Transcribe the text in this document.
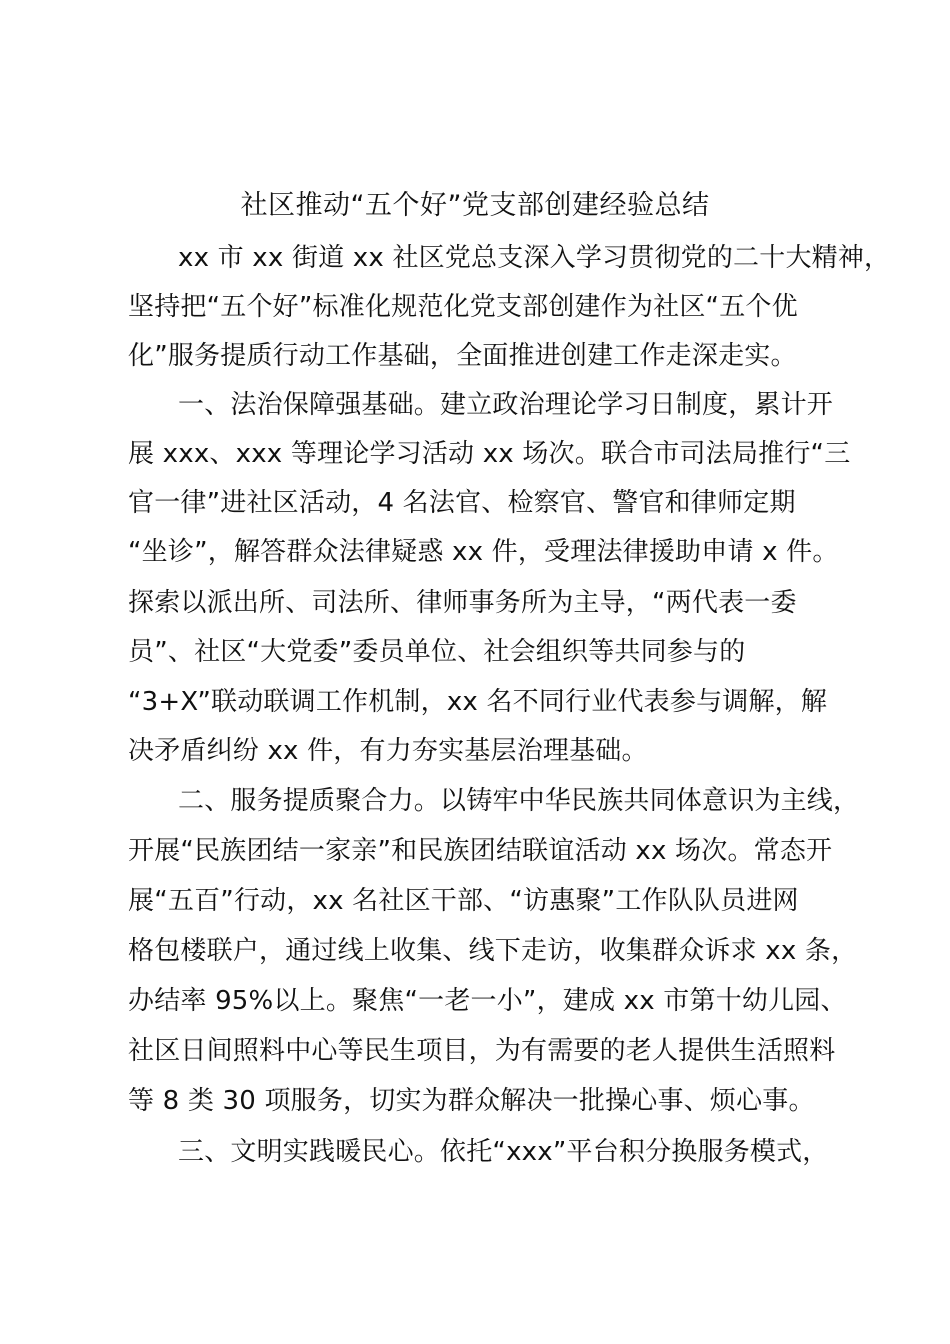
社区推动“五个好”党支部创建经验总结
xx 市 xx 街道 xx 社区党总支深入学习贯彻党的二十大精神，
坚持把“五个好”标准化规范化党支部创建作为社区“五个优
化”服务提质行动工作基础，全面推进创建工作走深走实。
一、法治保障强基础。建立政治理论学习日制度，累计开
展 xxx、xxx 等理论学习活动 xx 场次。联合市司法局推行“三
官一律”进社区活动，4 名法官、检察官、警官和律师定期
“坐诊”，解答群众法律疑惑 xx 件，受理法律援助申请 x 件。
探索以派出所、司法所、律师事务所为主导，“两代表一委
员”、社区“大党委”委员单位、社会组织等共同参与的
“3+X”联动联调工作机制，xx 名不同行业代表参与调解，解
决矛盾纠纷 xx 件，有力夯实基层治理基础。
二、服务提质聚合力。以铸牢中华民族共同体意识为主线，
开展“民族团结一家亲”和民族团结联谊活动 xx 场次。常态开
展“五百”行动，xx 名社区干部、“访惠聚”工作队队员进网
格包楼联户，通过线上收集、线下走访，收集群众诉求 xx 条，
办结率 95%以上。聚焦“一老一小”，建成 xx 市第十幼儿园、
社区日间照料中心等民生项目，为有需要的老人提供生活照料
等 8 类 30 项服务，切实为群众解决一批操心事、烦心事。
三、文明实践暖民心。依托“xxx”平台积分换服务模式，
